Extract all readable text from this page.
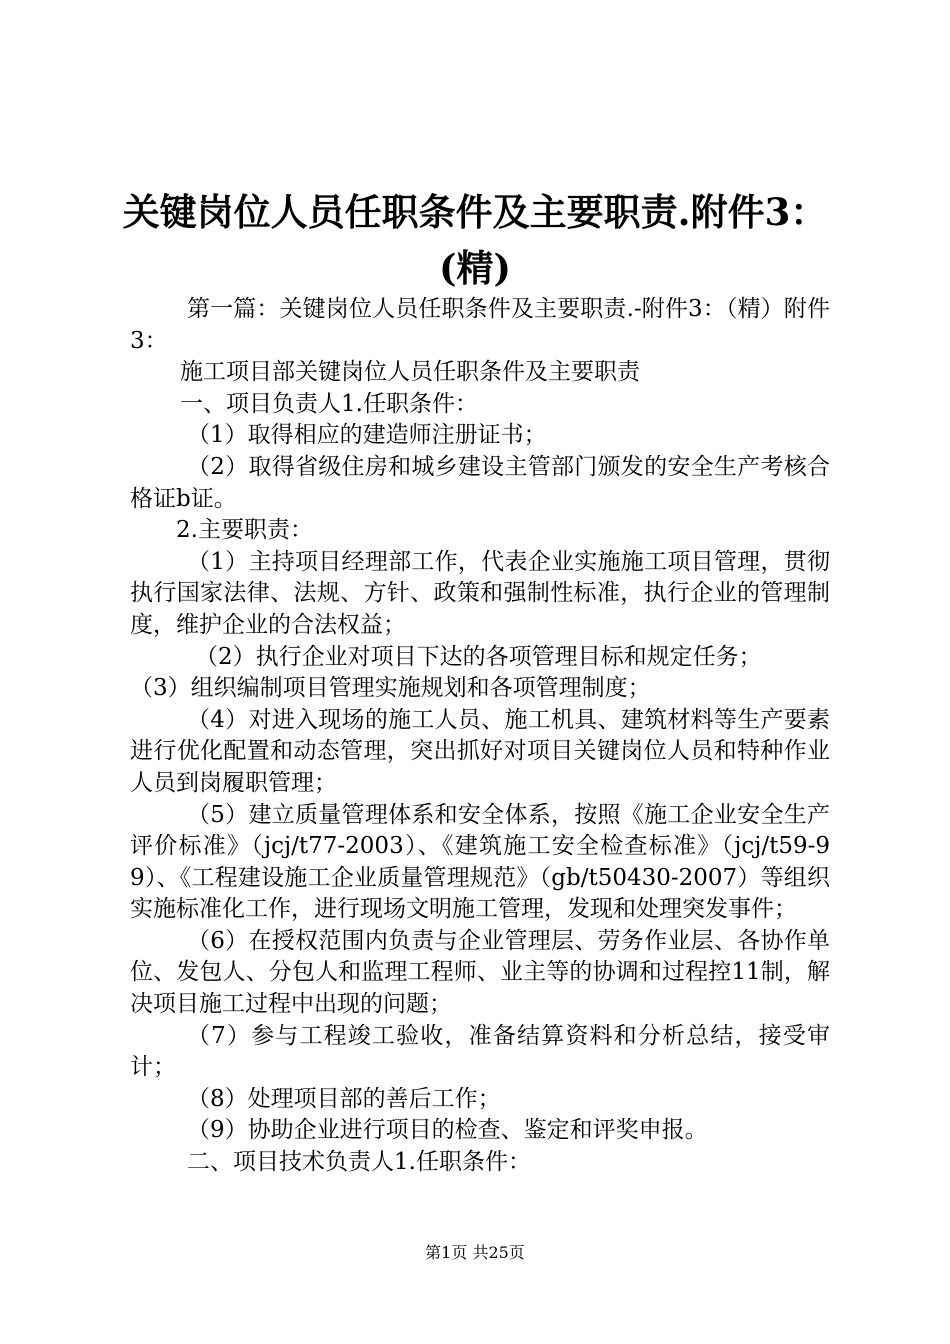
关键岗位人员任职条件及主要职责.附件3：
(精)

第一篇：关键岗位人员任职条件及主要职责.-附件3：（精）附件3：

施工项目部关键岗位人员任职条件及主要职责

一、项目负责人1.任职条件：

（1）取得相应的建造师注册证书；

（2）取得省级住房和城乡建设主管部门颁发的安全生产考核合格证b证。

2.主要职责：

（1）主持项目经理部工作，代表企业实施施工项目管理，贯彻执行国家法律、法规、方针、政策和强制性标准，执行企业的管理制度，维护企业的合法权益；

（2）执行企业对项目下达的各项管理目标和规定任务；

（3）组织编制项目管理实施规划和各项管理制度；

（4）对进入现场的施工人员、施工机具、建筑材料等生产要素进行优化配置和动态管理，突出抓好对项目关键岗位人员和特种作业人员到岗履职管理；

（5）建立质量管理体系和安全体系，按照《施工企业安全生产评价标准》（jcj/t77-2003）、《建筑施工安全检查标准》（jcj/t59-99）、《工程建设施工企业质量管理规范》（gb/t50430-2007）等组织实施标准化工作，进行现场文明施工管理，发现和处理突发事件；

（6）在授权范围内负责与企业管理层、劳务作业层、各协作单位、发包人、分包人和监理工程师、业主等的协调和过程控11制，解决项目施工过程中出现的问题；

（7）参与工程竣工验收，准备结算资料和分析总结，接受审计；

（8）处理项目部的善后工作；

（9）协助企业进行项目的检查、鉴定和评奖申报。

二、项目技术负责人1.任职条件：

第1页 共25页
